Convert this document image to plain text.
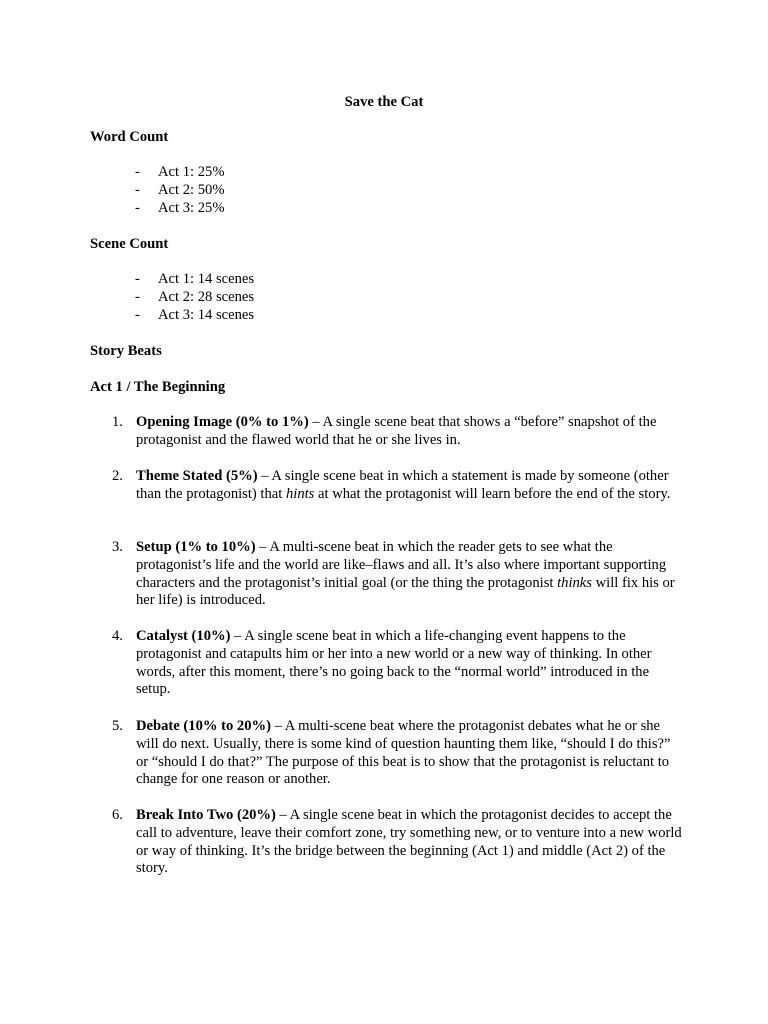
Save the Cat
Word Count
- Act 1: 25%
- Act 2: 50%
- Act 3: 25%
Scene Count
- Act 1: 14 scenes
- Act 2: 28 scenes
- Act 3: 14 scenes
Story Beats
Act 1 / The Beginning
1. Opening Image (0% to 1%) – A single scene beat that shows a “before” snapshot of the protagonist and the flawed world that he or she lives in.
2. Theme Stated (5%) – A single scene beat in which a statement is made by someone (other than the protagonist) that hints at what the protagonist will learn before the end of the story.
3. Setup (1% to 10%) – A multi-scene beat in which the reader gets to see what the protagonist’s life and the world are like–flaws and all. It’s also where important supporting characters and the protagonist’s initial goal (or the thing the protagonist thinks will fix his or her life) is introduced.
4. Catalyst (10%) – A single scene beat in which a life-changing event happens to the protagonist and catapults him or her into a new world or a new way of thinking. In other words, after this moment, there’s no going back to the “normal world” introduced in the setup.
5. Debate (10% to 20%) – A multi-scene beat where the protagonist debates what he or she will do next. Usually, there is some kind of question haunting them like, “should I do this?” or “should I do that?” The purpose of this beat is to show that the protagonist is reluctant to change for one reason or another.
6. Break Into Two (20%) – A single scene beat in which the protagonist decides to accept the call to adventure, leave their comfort zone, try something new, or to venture into a new world or way of thinking. It’s the bridge between the beginning (Act 1) and middle (Act 2) of the story.
